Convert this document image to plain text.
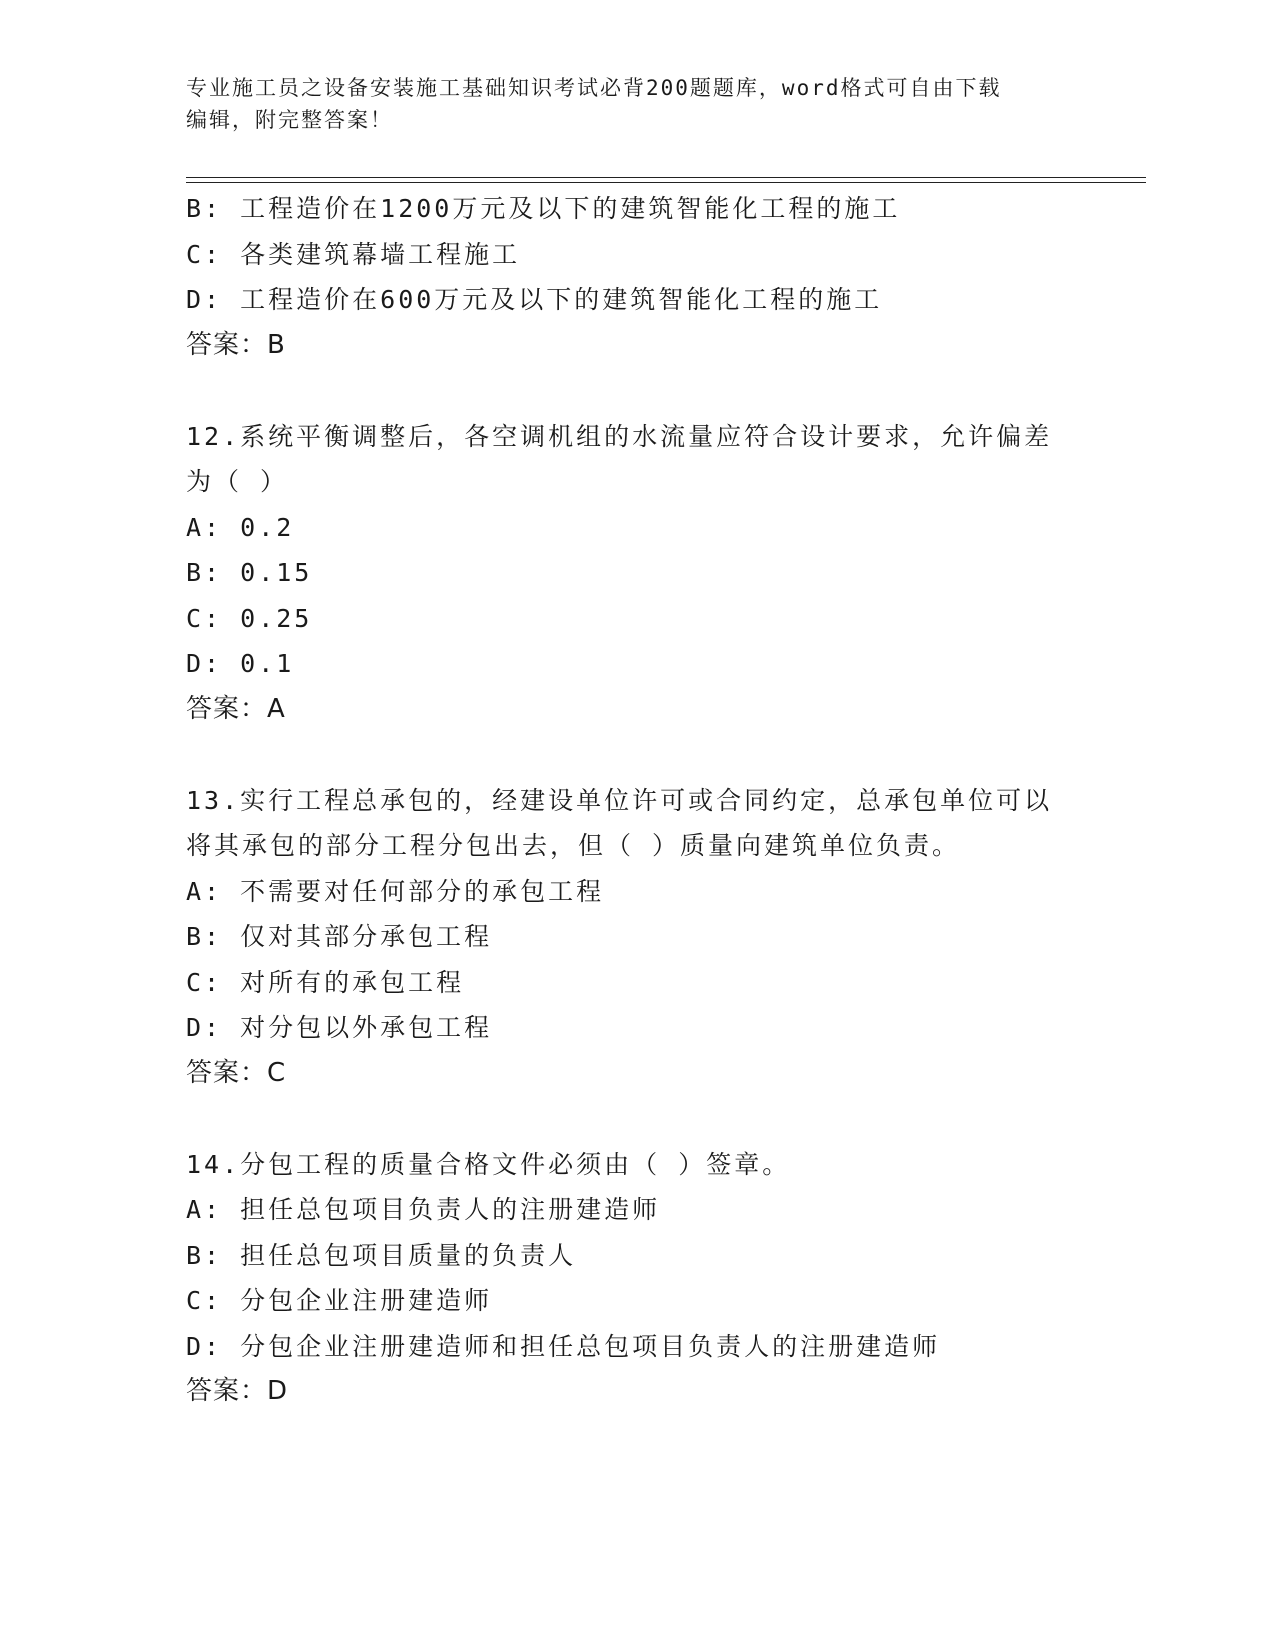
专业施工员之设备安装施工基础知识考试必背200题题库，word格式可自由下载

编辑，附完整答案！

B: 工程造价在1200万元及以下的建筑智能化工程的施工
C: 各类建筑幕墙工程施工
D: 工程造价在600万元及以下的建筑智能化工程的施工
答案：B
12.系统平衡调整后，各空调机组的水流量应符合设计要求，允许偏差
为（ ）
A: 0.2
B: 0.15
C: 0.25
D: 0.1
答案：A
13.实行工程总承包的，经建设单位许可或合同约定，总承包单位可以
将其承包的部分工程分包出去，但（ ）质量向建筑单位负责。
A: 不需要对任何部分的承包工程
B: 仅对其部分承包工程
C: 对所有的承包工程
D: 对分包以外承包工程
答案：C
14.分包工程的质量合格文件必须由（ ）签章。
A: 担任总包项目负责人的注册建造师
B: 担任总包项目质量的负责人
C: 分包企业注册建造师
D: 分包企业注册建造师和担任总包项目负责人的注册建造师
答案：D
